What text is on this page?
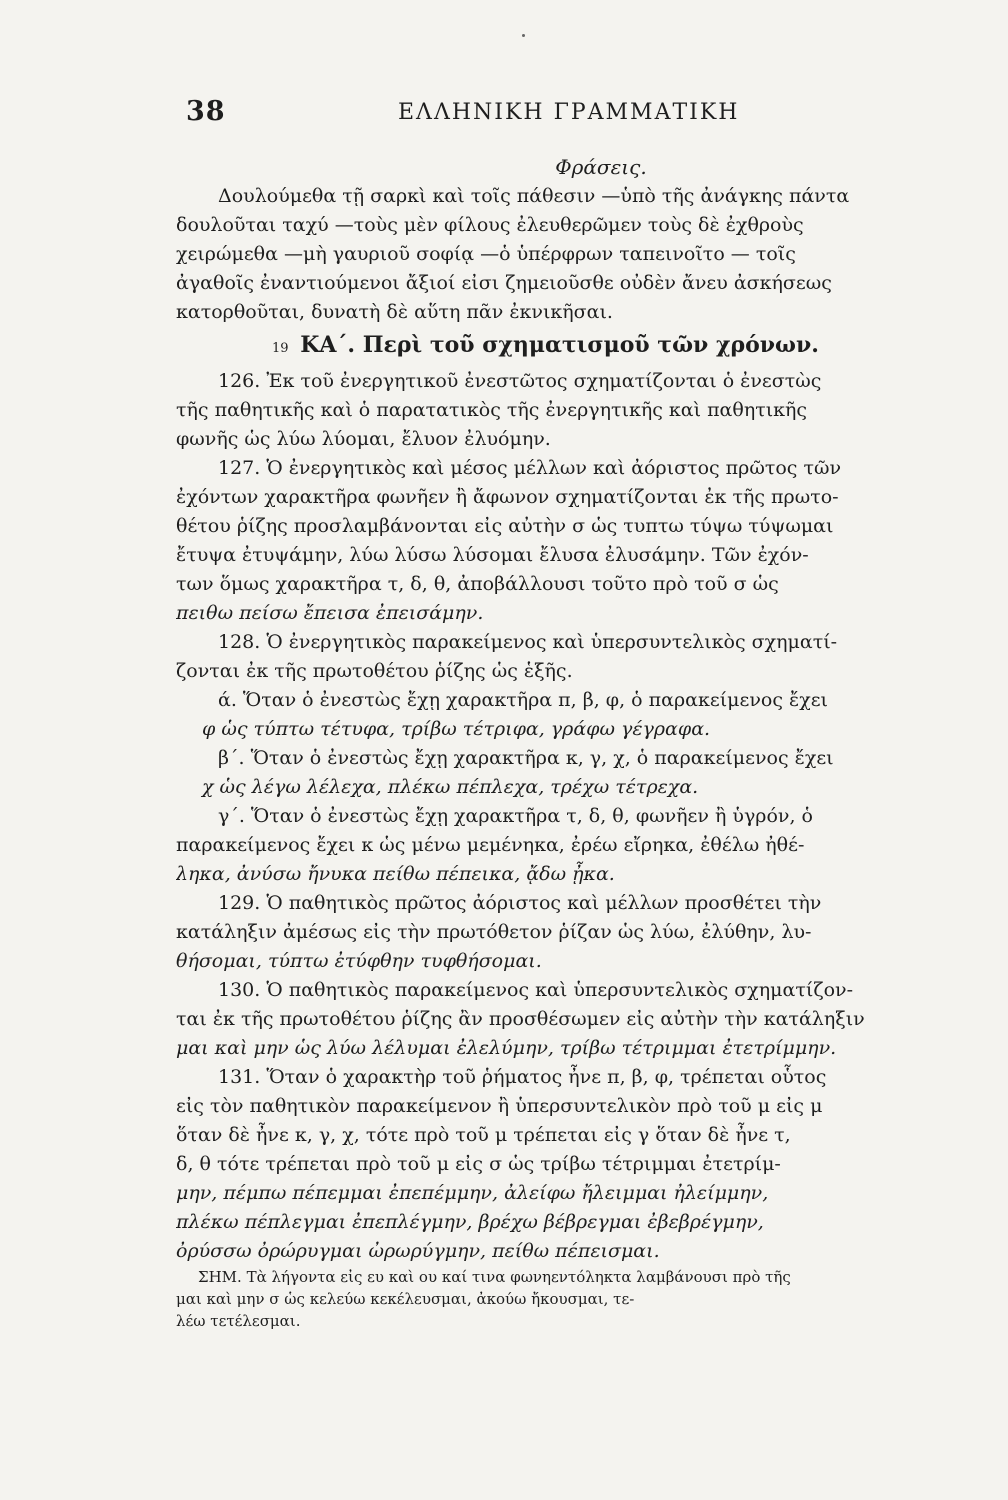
38	ΕΛΛΗΝΙΚΗ ΓΡΑΜΜΑΤΙΚΗ
Φράσεις.
Δουλούμεθα τῇ σαρκὶ καὶ τοῖς πάθεσιν —ὑπὸ τῆς ἀνάγκης πάντα
δουλοῦται ταχύ —τοὺς μὲν φίλους ἐλευθερῶμεν τοὺς δὲ ἐχθροὺς
χειρώμεθα —μὴ γαυριοῦ σοφίᾳ —ὁ ὑπέρφρων ταπεινοῖτο — τοῖς
ἀγαθοῖς ἐναντιούμενοι ἄξιοί εἰσι ζημειοῦσθε οὐδὲν ἄνευ ἀσκήσεως
κατορθοῦται, δυνατὴ δὲ αὕτη πᾶν ἐκνικῆσαι.
19 ΚΑ΄. Περὶ τοῦ σχηματισμοῦ τῶν χρόνων.
126. Ἐκ τοῦ ἐνεργητικοῦ ἐνεστῶτος σχηματίζονται ὁ ἐνεστὼς
τῆς παθητικῆς καὶ ὁ παρατατικὸς τῆς ἐνεργητικῆς καὶ παθητικῆς
φωνῆς ὡς λύω λύομαι, ἔλυον ἐλυόμην.
127. Ὁ ἐνεργητικὸς καὶ μέσος μέλλων καὶ ἀόριστος πρῶτος τῶν
ἐχόντων χαρακτῆρα φωνῆεν ἢ ἄφωνον σχηματίζονται ἐκ τῆς πρωτο-
θέτου ῥίζης προσλαμβάνονται εἰς αὐτὴν σ ὡς τυπτω τύψω τύψωμαι
ἔτυψα ἐτυψάμην, λύω λύσω λύσομαι ἔλυσα ἐλυσάμην. Τῶν ἐχόν-
των ὅμως χαρακτῆρα τ, δ, θ, ἀποβάλλουσι τοῦτο πρὸ τοῦ σ ὡς
πειθω πείσω ἔπεισα ἐπεισάμην.
128. Ὁ ἐνεργητικὸς παρακείμενος καὶ ὑπερσυντελικὸς σχηματί-
ζονται ἐκ τῆς πρωτοθέτου ῥίζης ὡς ἑξῆς.
ά. Ὅταν ὁ ἐνεστὼς ἔχῃ χαρακτῆρα π, β, φ, ὁ παρακείμενος ἔχει
φ ὡς τύπτω τέτυφα, τρίβω τέτριφα, γράφω γέγραφα.
β΄. Ὅταν ὁ ἐνεστὼς ἔχῃ χαρακτῆρα κ, γ, χ, ὁ παρακείμενος ἔχει
χ ὡς λέγω λέλεχα, πλέκω πέπλεχα, τρέχω τέτρεχα.
γ΄. Ὅταν ὁ ἐνεστὼς ἔχῃ χαρακτῆρα τ, δ, θ, φωνῆεν ἢ ὑγρόν, ὁ
παρακείμενος ἔχει κ ὡς μένω μεμένηκα, ἐρέω εἴρηκα, ἐθέλω ἠθέ-
ληκα, ἀνύσω ἤνυκα πείθω πέπεικα, ᾄδω ᾖκα.
129. Ὁ παθητικὸς πρῶτος ἀόριστος καὶ μέλλων προσθέτει τὴν
κατάληξιν ἀμέσως εἰς τὴν πρωτόθετον ῥίζαν ὡς λύω, ἐλύθην, λυ-
θήσομαι, τύπτω ἐτύφθην τυφθήσομαι.
130. Ὁ παθητικὸς παρακείμενος καὶ ὑπερσυντελικὸς σχηματίζον-
ται ἐκ τῆς πρωτοθέτου ῥίζης ἂν προσθέσωμεν εἰς αὐτὴν τὴν κατάληξιν
μαι καὶ μην ὡς λύω λέλυμαι ἐλελύμην, τρίβω τέτριμμαι ἐτετρίμμην.
131. Ὅταν ὁ χαρακτὴρ τοῦ ῥήματος ἦνε π, β, φ, τρέπεται οὗτος
εἰς τὸν παθητικὸν παρακείμενον ἢ ὑπερσυντελικὸν πρὸ τοῦ μ εἰς μ
ὅταν δὲ ἦνε κ, γ, χ, τότε πρὸ τοῦ μ τρέπεται εἰς γ ὅταν δὲ ἦνε τ,
δ, θ τότε τρέπεται πρὸ τοῦ μ εἰς σ ὡς τρίβω τέτριμμαι ἐτετρίμ-
μην, πέμπω πέπεμμαι ἐπεπέμμην, ἀλείφω ἤλειμμαι ἠλείμμην,
πλέκω πέπλεγμαι ἐπεπλέγμην, βρέχω βέβρεγμαι ἐβεβρέγμην,
ὀρύσσω ὀρώρυγμαι ὠρωρύγμην, πείθω πέπεισμαι.
ΣΗΜ. Τὰ λήγοντα εἰς ευ καὶ ου καί τινα φωνηεντόληκτα λαμβάνουσι πρὸ τῆς
μαι καὶ μην σ ὡς κελεύω κεκέλευσμαι, ἀκούω ἤκουσμαι, τε-
λέω τετέλεσμαι.
